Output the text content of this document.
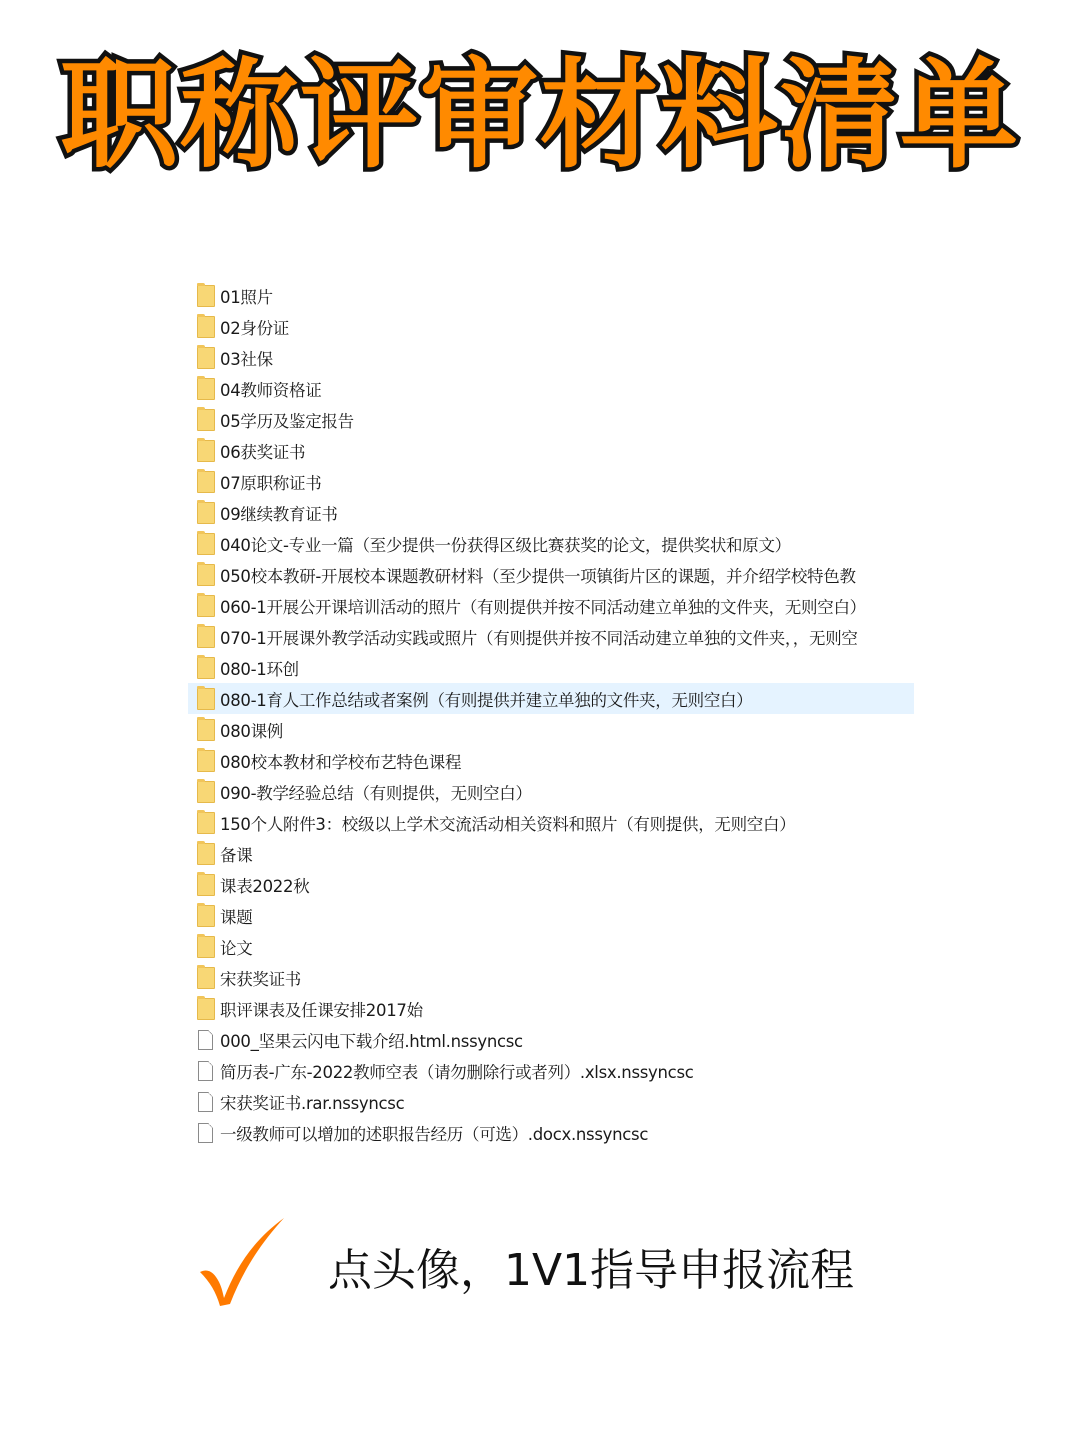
职称评审材料清单
01照片
02身份证
03社保
04教师资格证
05学历及鉴定报告
06获奖证书
07原职称证书
09继续教育证书
040论文-专业一篇（至少提供一份获得区级比赛获奖的论文，提供奖状和原文）
050校本教研-开展校本课题教研材料（至少提供一项镇街片区的课题，并介绍学校特色教
060-1开展公开课培训活动的照片（有则提供并按不同活动建立单独的文件夹，无则空白）
070-1开展课外教学活动实践或照片（有则提供并按不同活动建立单独的文件夹，，无则空
080-1环创
080-1育人工作总结或者案例（有则提供并建立单独的文件夹，无则空白）
080课例
080校本教材和学校布艺特色课程
090-教学经验总结（有则提供，无则空白）
150个人附件3：校级以上学术交流活动相关资料和照片（有则提供，无则空白）
备课
课表2022秋
课题
论文
宋获奖证书
职评课表及任课安排2017始
000_坚果云闪电下载介绍.html.nssyncsc
简历表-广东-2022教师空表（请勿删除行或者列）.xlsx.nssyncsc
宋获奖证书.rar.nssyncsc
一级教师可以增加的述职报告经历（可选）.docx.nssyncsc
点头像，1V1指导申报流程
